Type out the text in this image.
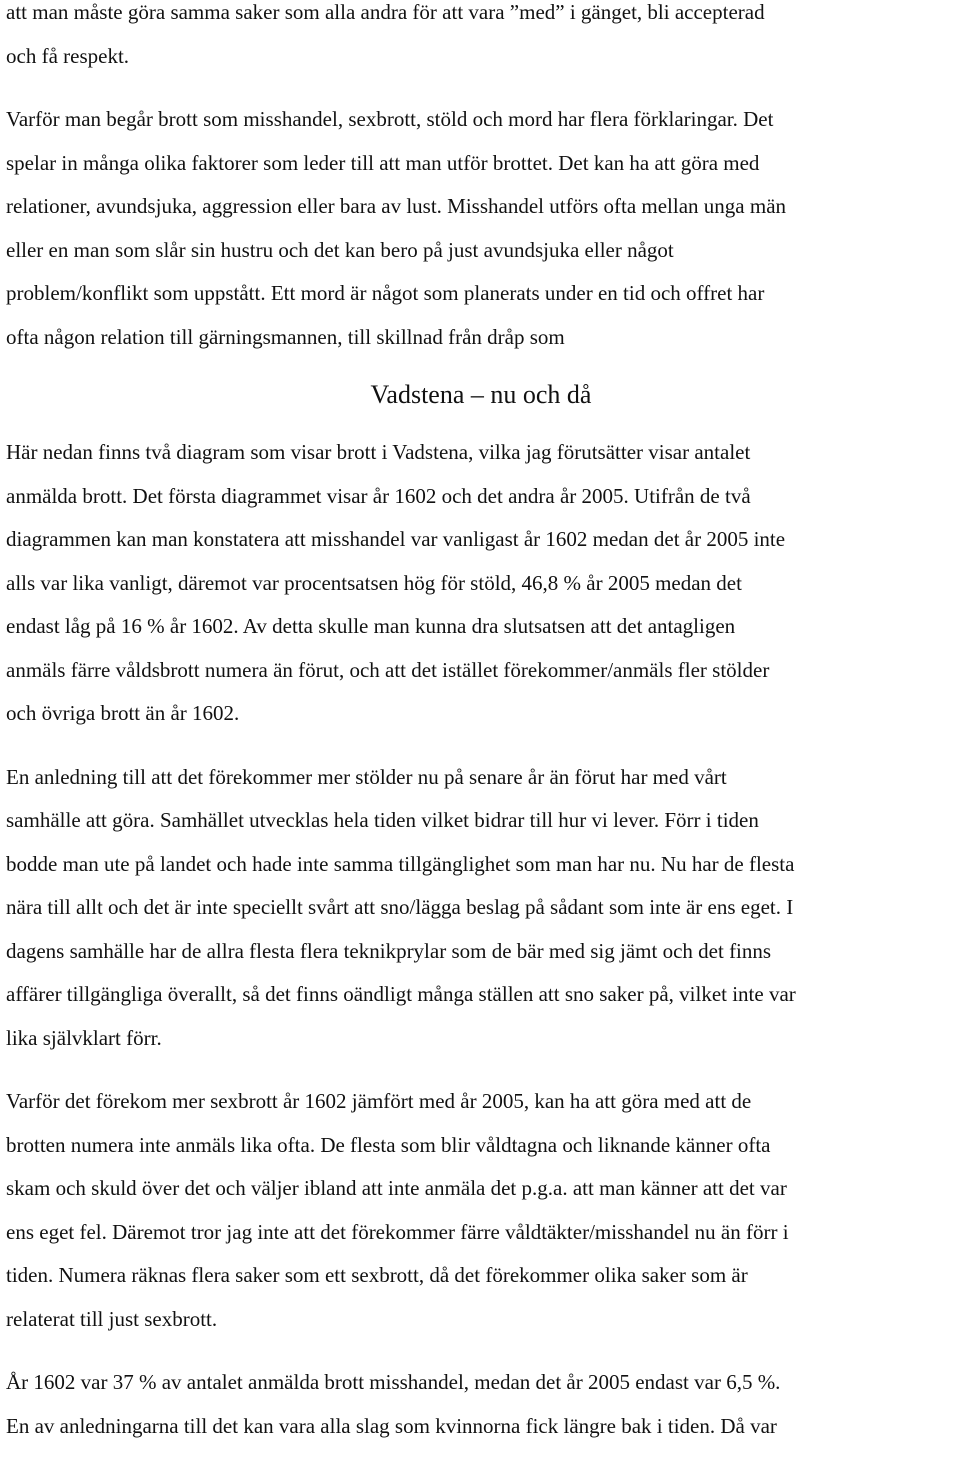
att man måste göra samma saker som alla andra för att vara ”med” i gänget, bli accepterad
och få respekt.
Varför man begår brott som misshandel, sexbrott, stöld och mord har flera förklaringar. Det
spelar in många olika faktorer som leder till att man utför brottet. Det kan ha att göra med
relationer, avundsjuka, aggression eller bara av lust. Misshandel utförs ofta mellan unga män
eller en man som slår sin hustru och det kan bero på just avundsjuka eller något
problem/konflikt som uppstått. Ett mord är något som planerats under en tid och offret har
ofta någon relation till gärningsmannen, till skillnad från dråp som
Vadstena – nu och då
Här nedan finns två diagram som visar brott i Vadstena, vilka jag förutsätter visar antalet
anmälda brott. Det första diagrammet visar år 1602 och det andra år 2005. Utifrån de två
diagrammen kan man konstatera att misshandel var vanligast år 1602 medan det år 2005 inte
alls var lika vanligt, däremot var procentsatsen hög för stöld, 46,8 % år 2005 medan det
endast låg på 16 % år 1602. Av detta skulle man kunna dra slutsatsen att det antagligen
anmäls färre våldsbrott numera än förut, och att det istället förekommer/anmäls fler stölder
och övriga brott än år 1602.
En anledning till att det förekommer mer stölder nu på senare år än förut har med vårt
samhälle att göra. Samhället utvecklas hela tiden vilket bidrar till hur vi lever. Förr i tiden
bodde man ute på landet och hade inte samma tillgänglighet som man har nu. Nu har de flesta
nära till allt och det är inte speciellt svårt att sno/lägga beslag på sådant som inte är ens eget. I
dagens samhälle har de allra flesta flera teknikprylar som de bär med sig jämt och det finns
affärer tillgängliga överallt, så det finns oändligt många ställen att sno saker på, vilket inte var
lika självklart förr.
Varför det förekom mer sexbrott år 1602 jämfört med år 2005, kan ha att göra med att de
brotten numera inte anmäls lika ofta. De flesta som blir våldtagna och liknande känner ofta
skam och skuld över det och väljer ibland att inte anmäla det p.g.a. att man känner att det var
ens eget fel. Däremot tror jag inte att det förekommer färre våldtäkter/misshandel nu än förr i
tiden. Numera räknas flera saker som ett sexbrott, då det förekommer olika saker som är
relaterat till just sexbrott.
År 1602 var 37 % av antalet anmälda brott misshandel, medan det år 2005 endast var 6,5 %.
En av anledningarna till det kan vara alla slag som kvinnorna fick längre bak i tiden. Då var
